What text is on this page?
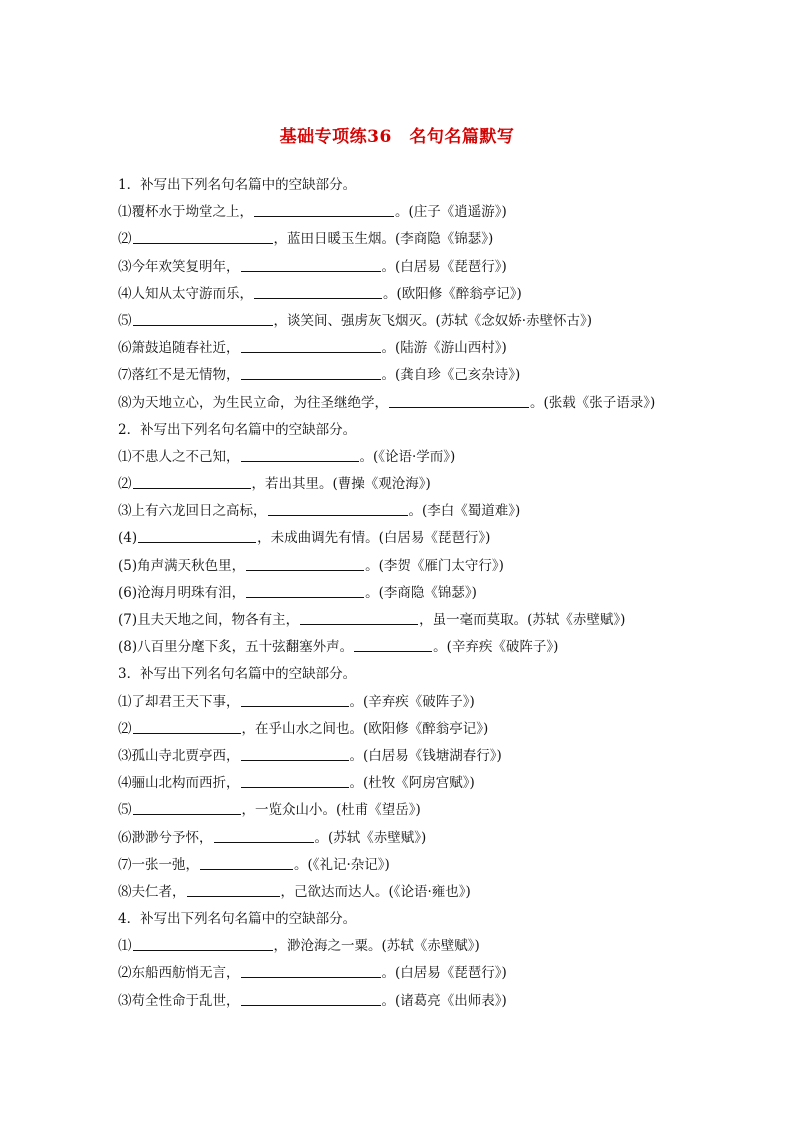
基础专项练36　名句名篇默写
1．补写出下列名句名篇中的空缺部分。
⑴覆杯水于坳堂之上，	。(庄子《逍遥游》)
⑵	，蓝田日暖玉生烟。(李商隐《锦瑟》)
⑶今年欢笑复明年，	。(白居易《琵琶行》)
⑷人知从太守游而乐，	。(欧阳修《醉翁亭记》)
⑸	，谈笑间、强虏灰飞烟灭。(苏轼《念奴娇·赤壁怀古》)
⑹箫鼓追随春社近，	。(陆游《游山西村》)
⑺落红不是无情物，	。(龚自珍《己亥杂诗》)
⑻为天地立心，为生民立命，为往圣继绝学，	。(张载《张子语录》)
2．补写出下列名句名篇中的空缺部分。
⑴不患人之不己知，	。(《论语·学而》)
⑵	，若出其里。(曹操《观沧海》)
⑶上有六龙回日之高标，	。(李白《蜀道难》)
(4)	，未成曲调先有情。(白居易《琵琶行》)
(5)角声满天秋色里，	。(李贺《雁门太守行》)
(6)沧海月明珠有泪，	。(李商隐《锦瑟》)
(7)且夫天地之间，物各有主，	，虽一毫而莫取。(苏轼《赤壁赋》)
(8)八百里分麾下炙，五十弦翻塞外声。	。(辛弃疾《破阵子》)
3．补写出下列名句名篇中的空缺部分。
⑴了却君王天下事，	。(辛弃疾《破阵子》)
⑵	，在乎山水之间也。(欧阳修《醉翁亭记》)
⑶孤山寺北贾亭西，	。(白居易《钱塘湖春行》)
⑷骊山北构而西折，	。(杜牧《阿房宫赋》)
⑸	，一览众山小。(杜甫《望岳》)
⑹渺渺兮予怀，	。(苏轼《赤壁赋》)
⑺一张一弛，	。(《礼记·杂记》)
⑻夫仁者，	，己欲达而达人。(《论语·雍也》)
4．补写出下列名句名篇中的空缺部分。
⑴	，渺沧海之一粟。(苏轼《赤壁赋》)
⑵东船西舫悄无言，	。(白居易《琵琶行》)
⑶苟全性命于乱世，	。(诸葛亮《出师表》)
